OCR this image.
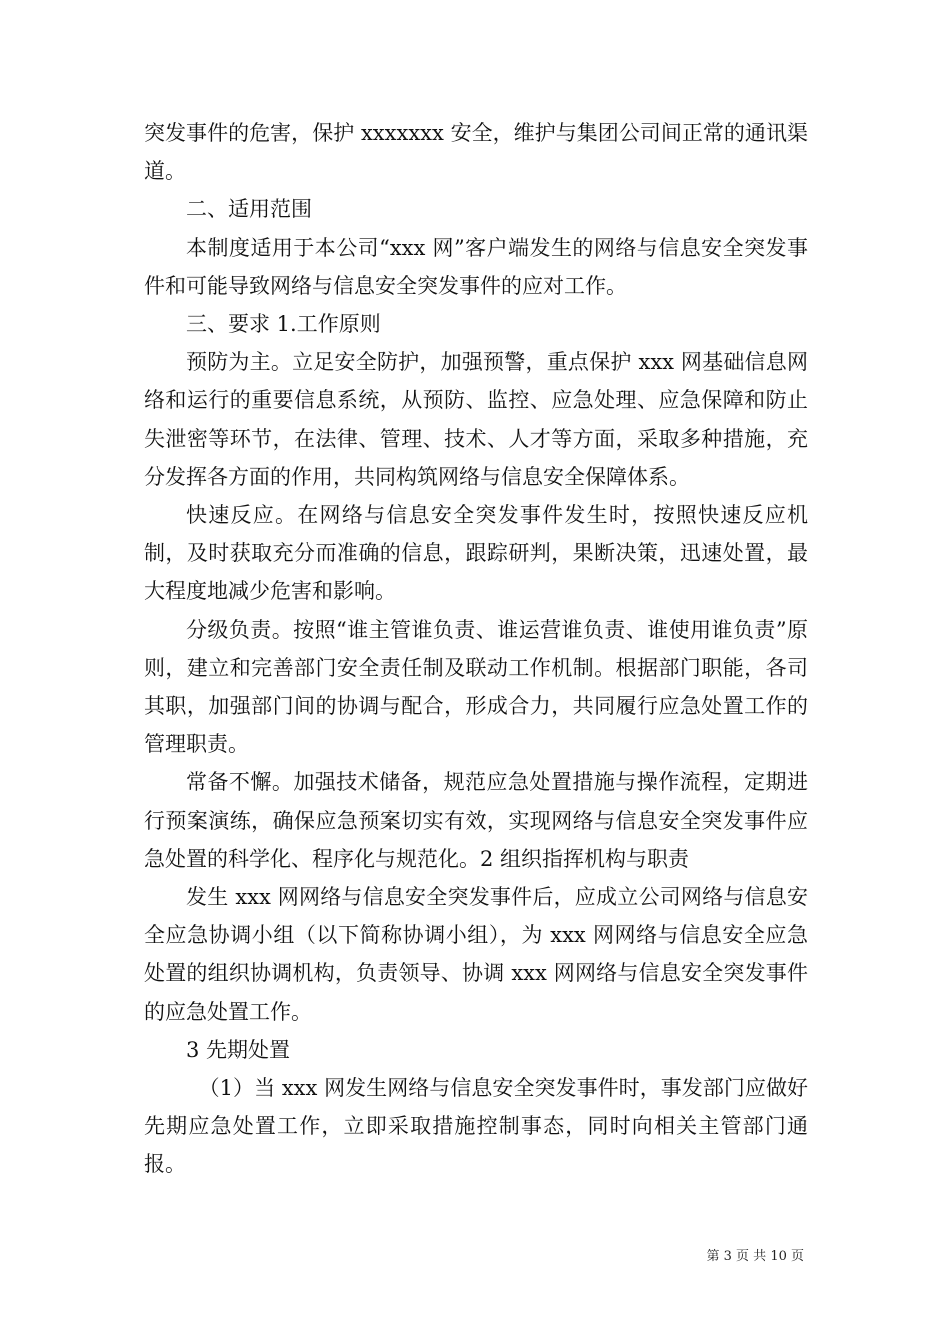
突发事件的危害，保护 xxxxxxx 安全，维护与集团公司间正常的通讯渠道。

二、适用范围

本制度适用于本公司“xxx 网”客户端发生的网络与信息安全突发事件和可能导致网络与信息安全突发事件的应对工作。

三、要求 1.工作原则

预防为主。立足安全防护，加强预警，重点保护 xxx 网基础信息网络和运行的重要信息系统，从预防、监控、应急处理、应急保障和防止失泄密等环节，在法律、管理、技术、人才等方面，采取多种措施，充分发挥各方面的作用，共同构筑网络与信息安全保障体系。

快速反应。在网络与信息安全突发事件发生时，按照快速反应机制，及时获取充分而准确的信息，跟踪研判，果断决策，迅速处置，最大程度地减少危害和影响。

分级负责。按照“谁主管谁负责、谁运营谁负责、谁使用谁负责”原则，建立和完善部门安全责任制及联动工作机制。根据部门职能，各司其职，加强部门间的协调与配合，形成合力，共同履行应急处置工作的管理职责。

常备不懈。加强技术储备，规范应急处置措施与操作流程，定期进行预案演练，确保应急预案切实有效，实现网络与信息安全突发事件应急处置的科学化、程序化与规范化。2 组织指挥机构与职责

发生 xxx 网网络与信息安全突发事件后，应成立公司网络与信息安全应急协调小组（以下简称协调小组），为 xxx 网网络与信息安全应急处置的组织协调机构，负责领导、协调 xxx 网网络与信息安全突发事件的应急处置工作。

3 先期处置

（1）当 xxx 网发生网络与信息安全突发事件时，事发部门应做好先期应急处置工作，立即采取措施控制事态，同时向相关主管部门通报。

第 3 页 共 10 页
